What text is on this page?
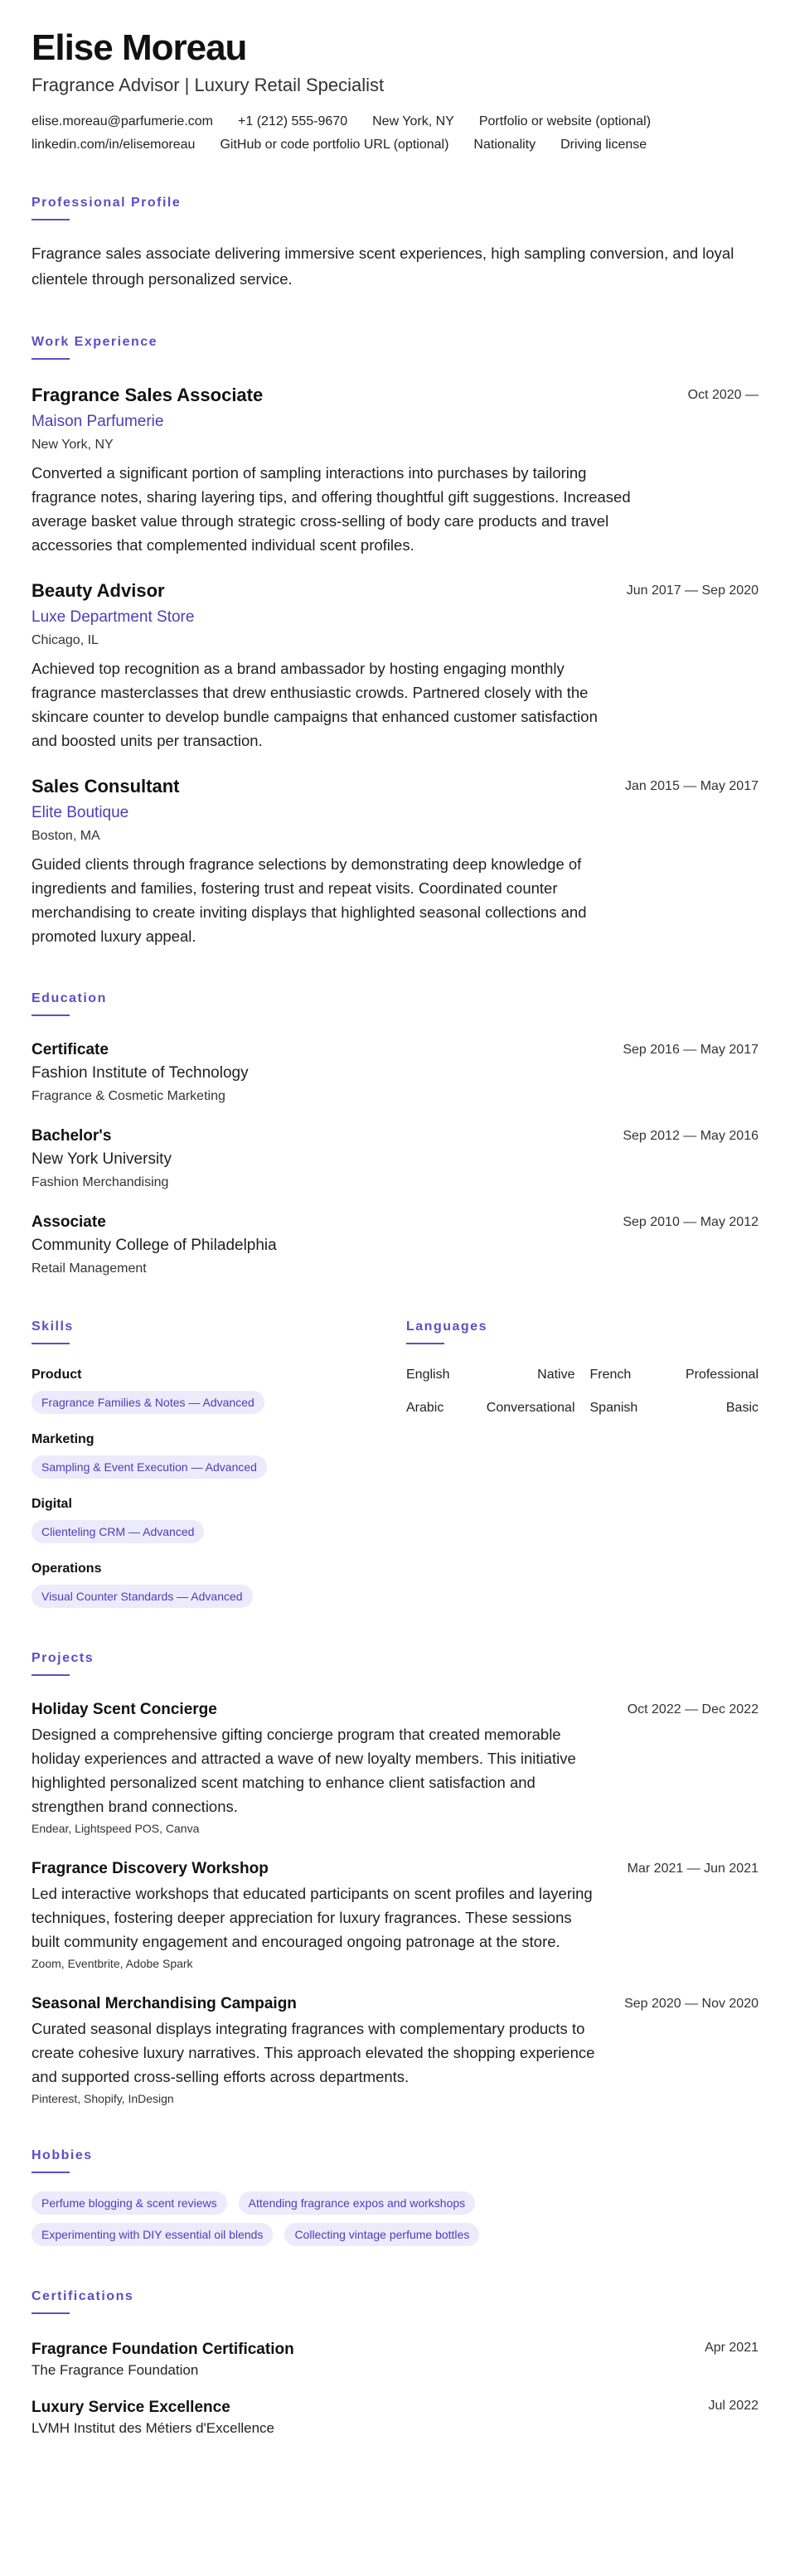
Elise Moreau
Fragrance Advisor | Luxury Retail Specialist
elise.moreau@parfumerie.com +1 (212) 555-9670 New York, NY Portfolio or website (optional)
linkedin.com/in/elisemoreau GitHub or code portfolio URL (optional) Nationality Driving license
Professional Profile
Fragrance sales associate delivering immersive scent experiences, high sampling conversion, and loyal clientele through personalized service.
Work Experience
Fragrance Sales Associate
Maison Parfumerie
New York, NY
Converted a significant portion of sampling interactions into purchases by tailoring fragrance notes, sharing layering tips, and offering thoughtful gift suggestions. Increased average basket value through strategic cross-selling of body care products and travel accessories that complemented individual scent profiles.
Oct 2020 —
Beauty Advisor
Luxe Department Store
Chicago, IL
Achieved top recognition as a brand ambassador by hosting engaging monthly fragrance masterclasses that drew enthusiastic crowds. Partnered closely with the skincare counter to develop bundle campaigns that enhanced customer satisfaction and boosted units per transaction.
Jun 2017 — Sep 2020
Sales Consultant
Elite Boutique
Boston, MA
Guided clients through fragrance selections by demonstrating deep knowledge of ingredients and families, fostering trust and repeat visits. Coordinated counter merchandising to create inviting displays that highlighted seasonal collections and promoted luxury appeal.
Jan 2015 — May 2017
Education
Certificate
Fashion Institute of Technology
Fragrance & Cosmetic Marketing
Sep 2016 — May 2017
Bachelor's
New York University
Fashion Merchandising
Sep 2012 — May 2016
Associate
Community College of Philadelphia
Retail Management
Sep 2010 — May 2012
Skills
Product
Fragrance Families & Notes — Advanced
Marketing
Sampling & Event Execution — Advanced
Digital
Clienteling CRM — Advanced
Operations
Visual Counter Standards — Advanced
Languages
English	Native French	Professional
Arabic	Conversational Spanish	Basic
Projects
Holiday Scent Concierge
Designed a comprehensive gifting concierge program that created memorable holiday experiences and attracted a wave of new loyalty members. This initiative highlighted personalized scent matching to enhance client satisfaction and strengthen brand connections.
Endear, Lightspeed POS, Canva
Oct 2022 — Dec 2022
Fragrance Discovery Workshop
Led interactive workshops that educated participants on scent profiles and layering techniques, fostering deeper appreciation for luxury fragrances. These sessions built community engagement and encouraged ongoing patronage at the store.
Zoom, Eventbrite, Adobe Spark
Mar 2021 — Jun 2021
Seasonal Merchandising Campaign
Curated seasonal displays integrating fragrances with complementary products to create cohesive luxury narratives. This approach elevated the shopping experience and supported cross-selling efforts across departments.
Pinterest, Shopify, InDesign
Sep 2020 — Nov 2020
Hobbies
Perfume blogging & scent reviews	Attending fragrance expos and workshops
Experimenting with DIY essential oil blends	Collecting vintage perfume bottles
Certifications
Fragrance Foundation Certification
The Fragrance Foundation
Apr 2021
Luxury Service Excellence
LVMH Institut des Métiers d'Excellence
Jul 2022
